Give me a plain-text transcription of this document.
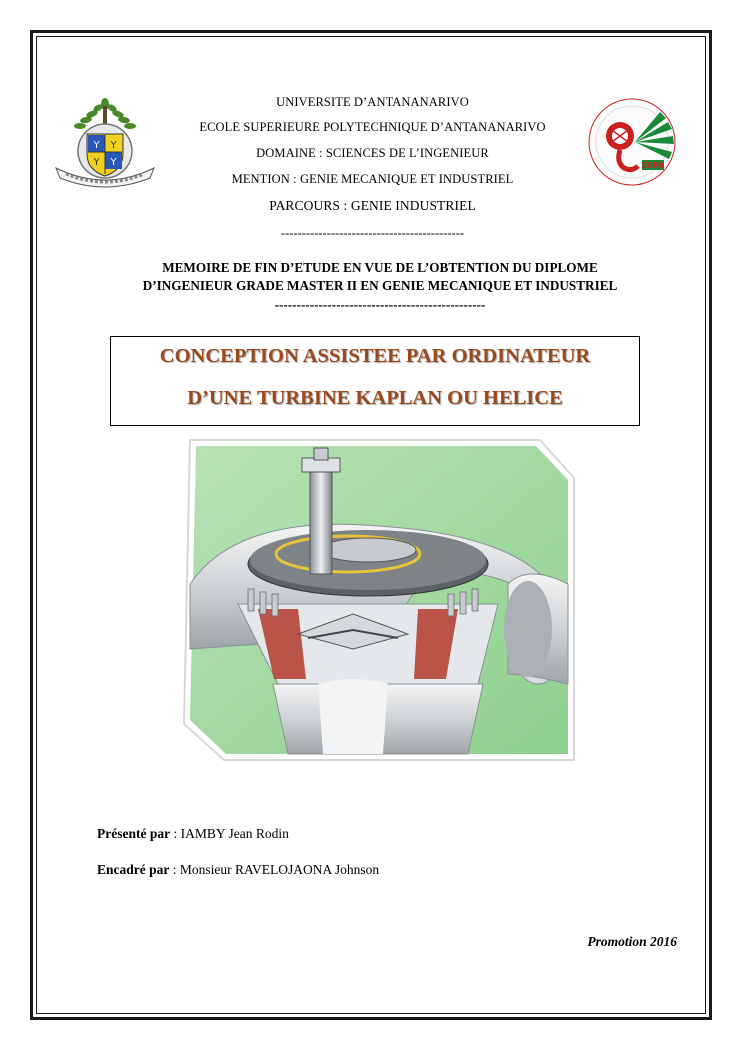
Y Y
Y Y	ESPA
UNIVERSITE D’ANTANANARIVO
ECOLE SUPERIEURE POLYTECHNIQUE D’ANTANANARIVO
DOMAINE : SCIENCES DE L’INGENIEUR
MENTION : GENIE MECANIQUE ET INDUSTRIEL
PARCOURS : GENIE INDUSTRIEL
--------------------------------------------
MEMOIRE DE FIN D’ETUDE EN VUE DE L’OBTENTION DU DIPLOME
D’INGENIEUR GRADE MASTER II EN GENIE MECANIQUE ET INDUSTRIEL
------------------------------------------------
CONCEPTION ASSISTEE PAR ORDINATEUR
D’UNE TURBINE KAPLAN OU HELICE
Présenté par : IAMBY Jean Rodin
Encadré par : Monsieur RAVELOJAONA Johnson
Promotion 2016
